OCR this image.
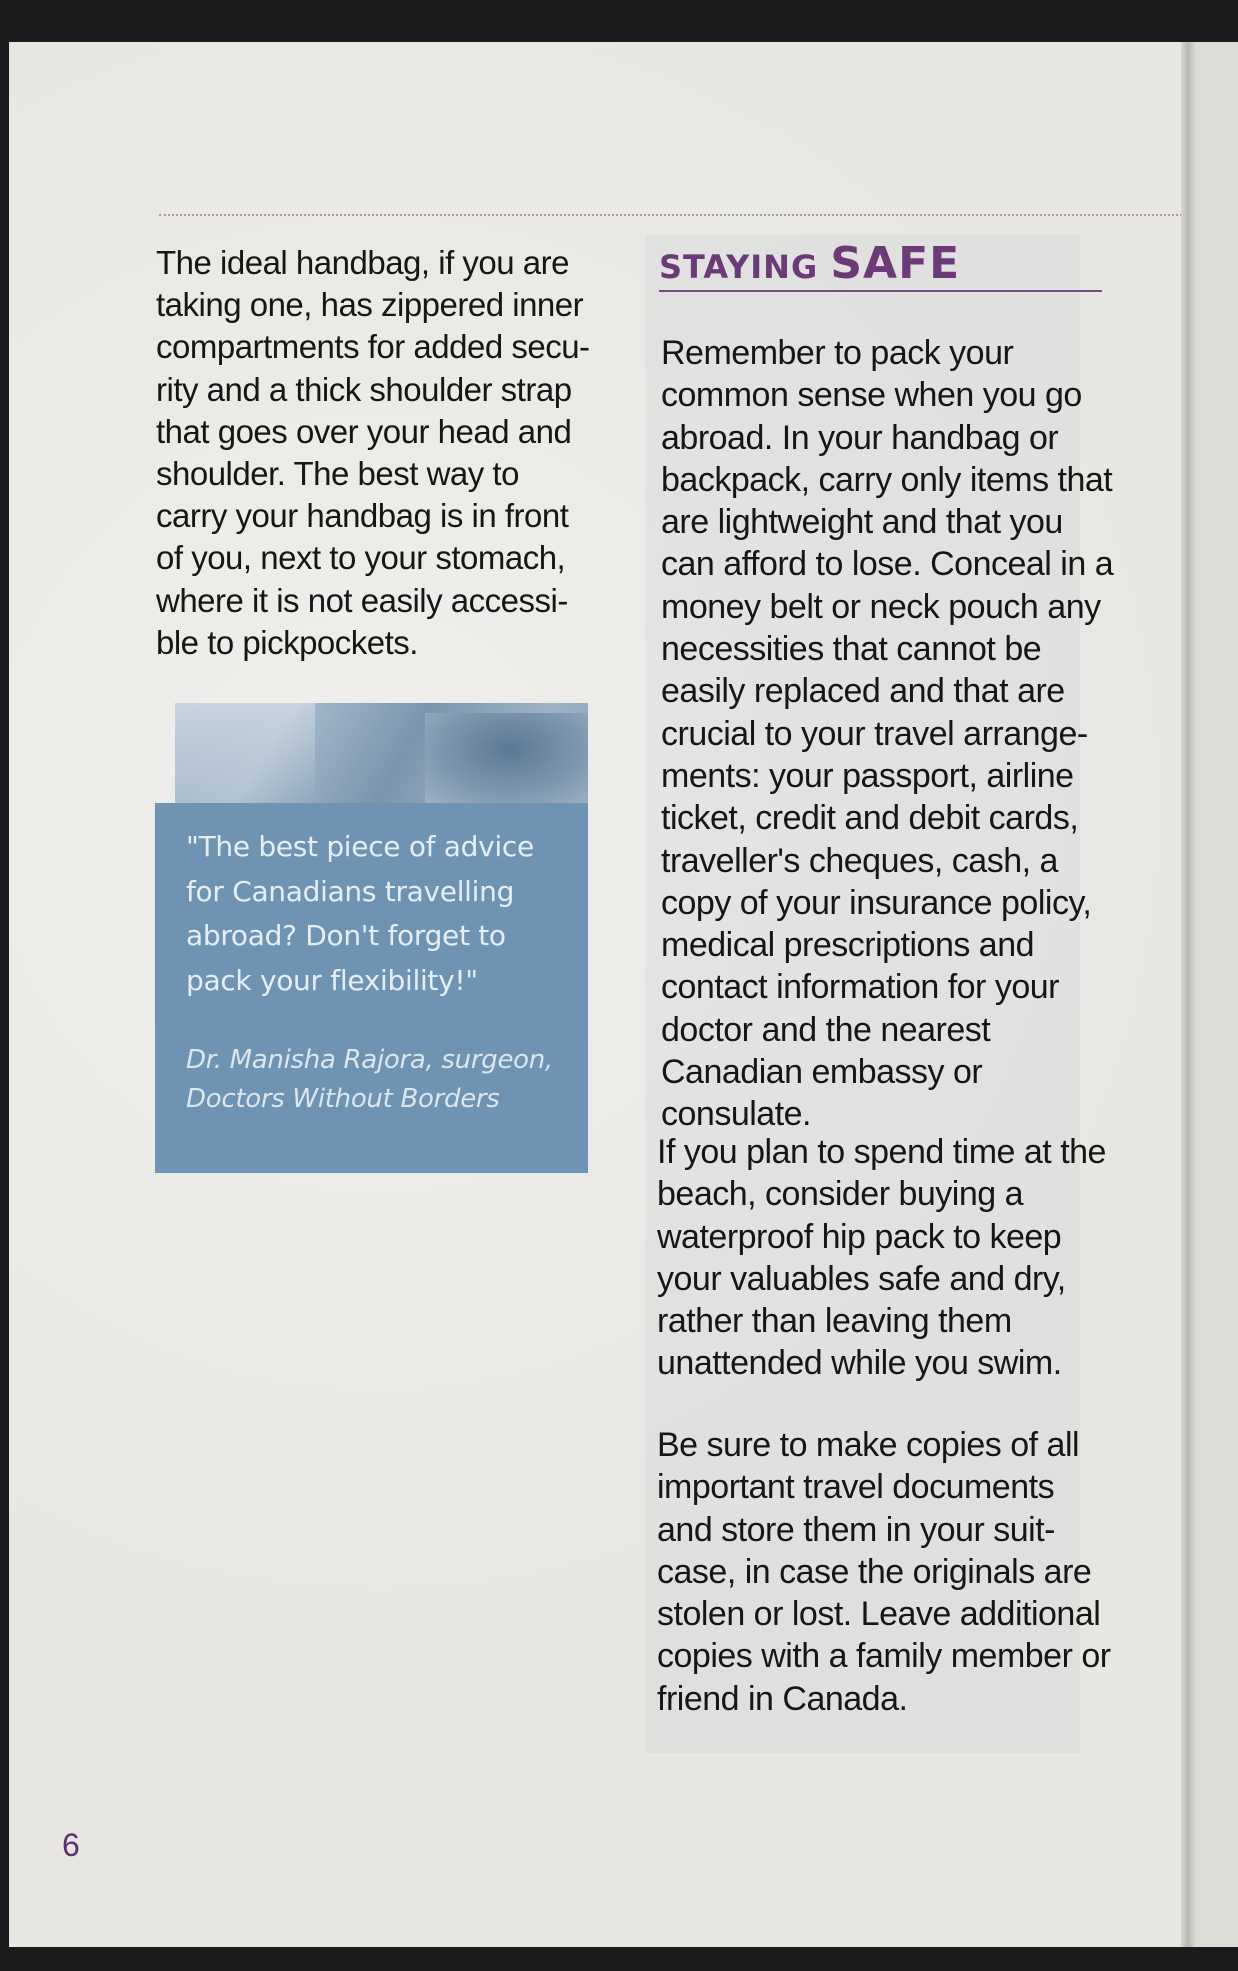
The ideal handbag, if you are taking one, has zippered inner compartments for added secu-rity and a thick shoulder strap that goes over your head and shoulder. The best way to carry your handbag is in front of you, next to your stomach, where it is not easily accessi-ble to pickpockets.

"The best piece of advice for Canadians travelling abroad? Don't forget to pack your flexibility!"

Dr. Manisha Rajora, surgeon, Doctors Without Borders

STAYING SAFE

Remember to pack your common sense when you go abroad. In your handbag or backpack, carry only items that are lightweight and that you can afford to lose. Conceal in a money belt or neck pouch any necessities that cannot be easily replaced and that are crucial to your travel arrange-ments: your passport, airline ticket, credit and debit cards, traveller's cheques, cash, a copy of your insurance policy, medical prescriptions and contact information for your doctor and the nearest Canadian embassy or consulate.

If you plan to spend time at the beach, consider buying a waterproof hip pack to keep your valuables safe and dry, rather than leaving them unattended while you swim.

Be sure to make copies of all important travel documents and store them in your suit-case, in case the originals are stolen or lost. Leave additional copies with a family member or friend in Canada.

6
